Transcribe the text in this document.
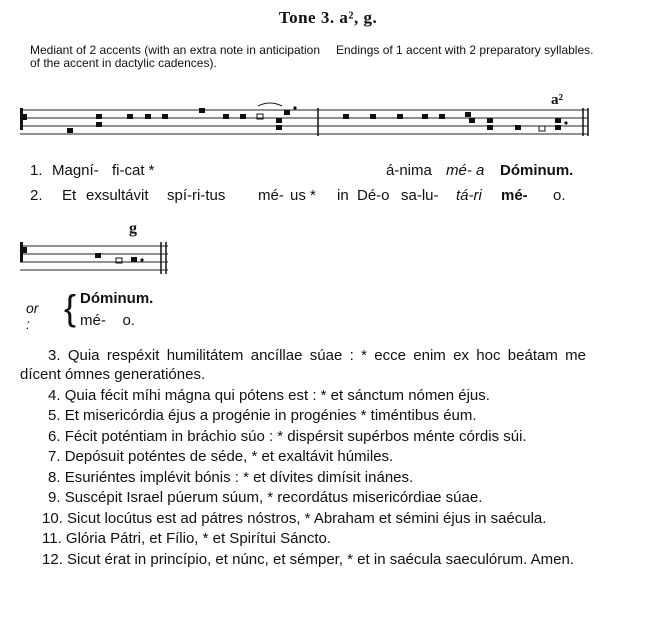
Tone 3. a², g.
Mediant of 2 accents (with an extra note in anticipation of the accent in dactylic cadences).
Endings of 1 accent with 2 preparatory syllables.
a²
1. Magní- fi-cat *	á-nima mé- a Dóminum.
2. Et exsultávit spí-ri-tus mé- us * in Dé-o sa-lu- tá-ri mé- o.
g
or : { Dóminum.
mé-    o.

3. Quia respéxit humilitátem ancíllae súae : * ecce enim ex hoc beátam me dícent ómnes generatiónes.

4. Quia fécit míhi mágna qui pótens est : * et sánctum nómen éjus.

5. Et misericórdia éjus a progénie in progénies * timéntibus éum.

6. Fécit poténtiam in bráchio súo : * dispérsit supérbos ménte córdis súi.

7. Depósuit poténtes de séde, * et exaltávit húmiles.

8. Esuriéntes implévit bónis : * et dívites dimísit inánes.

9. Suscépit Israel púerum súum, * recordátus misericórdiae súae.

10. Sicut locútus est ad pátres nóstros, * Abraham et sémini éjus in saécula.

11. Glória Pátri, et Fílio, * et Spirítui Sáncto.

12. Sicut érat in princípio, et núnc, et sémper, * et in saécula saeculórum. Amen.
